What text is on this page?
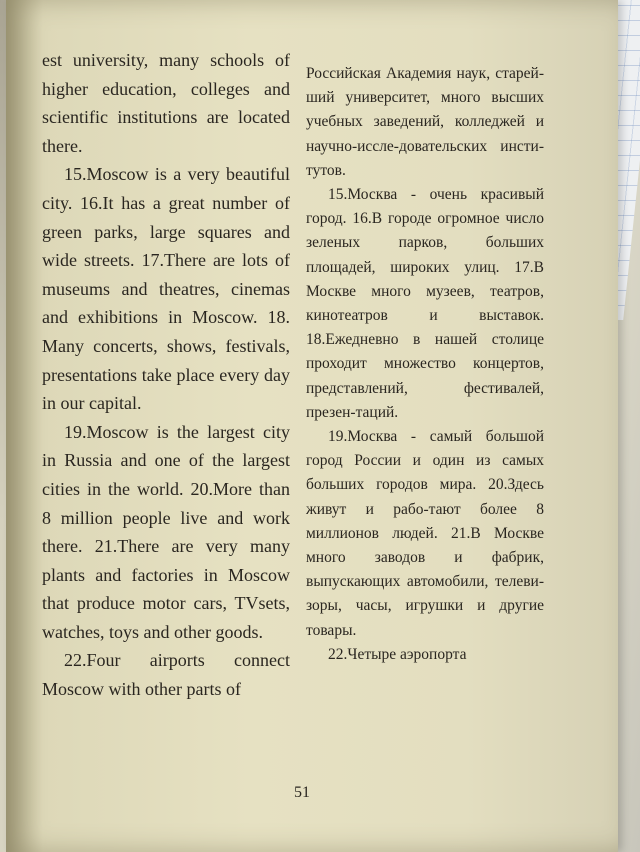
est university, many schools of higher education, colleges and scientific institutions are located there.

15.Moscow is a very beautiful city. 16.It has a great number of green parks, large squares and wide streets. 17.There are lots of museums and theatres, cinemas and exhibitions in Moscow. 18. Many concerts, shows, festivals, presentations take place every day in our capital.

19.Moscow is the largest city in Russia and one of the largest cities in the world. 20.More than 8 million people live and work there. 21.There are very many plants and factories in Moscow that produce motor cars, TVsets, watches, toys and other goods.

22.Four airports connect Moscow with other parts of

Российская Академия наук, старей-ший университет, много высших учебных заведений, колледжей и научно-иссле-довательских инсти-тутов.

15.Москва - очень красивый город. 16.В городе огромное число зеленых парков, больших площадей, широких улиц. 17.В Москве много музеев, театров, кинотеатров и выставок. 18.Ежедневно в нашей столице проходит множество концертов, представлений, фестивалей, презен-таций.

19.Москва - самый большой город России и один из самых больших городов мира. 20.Здесь живут и рабо-тают более 8 миллионов людей. 21.В Москве много заводов и фабрик, выпускающих автомобили, телеви-зоры, часы, игрушки и другие товары.

22.Четыре аэропорта

51
